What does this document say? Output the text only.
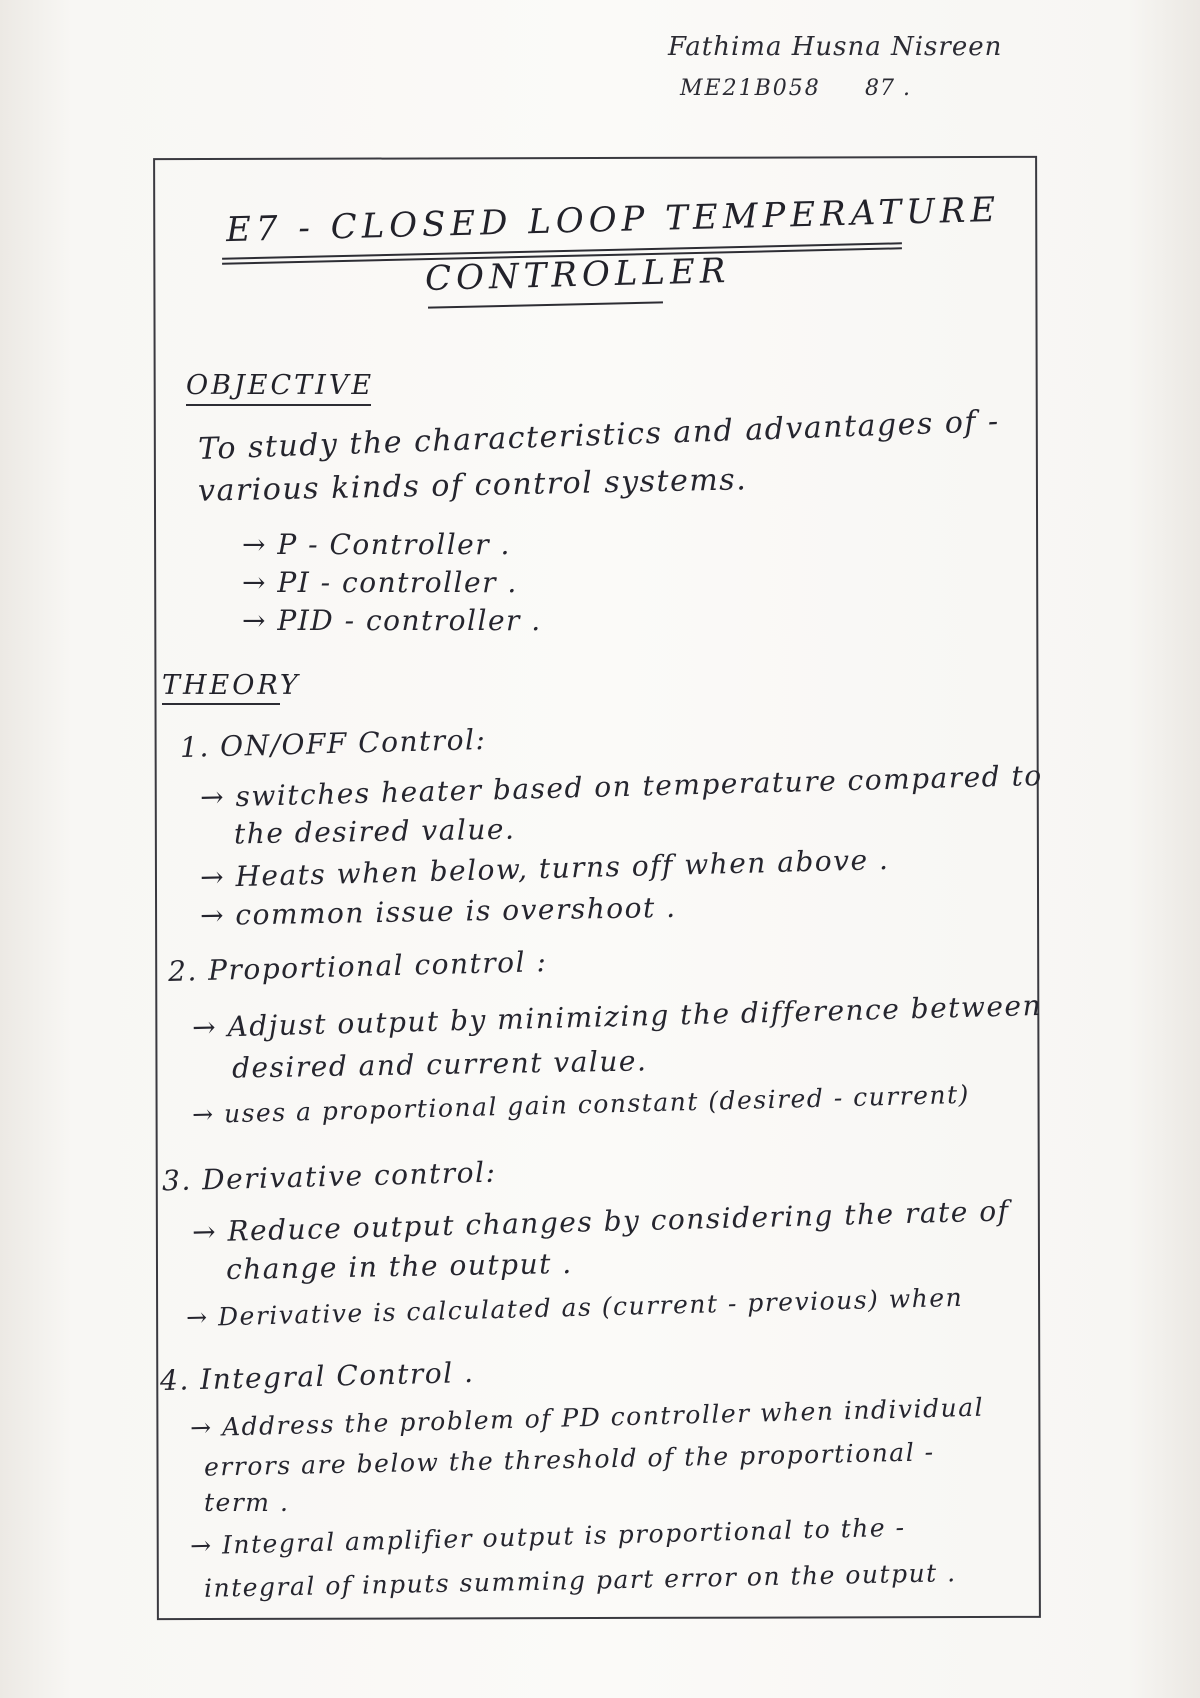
Fathima Husna Nisreen
ME21B058 87 .
E7 - CLOSED LOOP TEMPERATURE
CONTROLLER
OBJECTIVE
To study the characteristics and advantages of -
various kinds of control systems.
→ P - Controller .
→ PI - controller .
→ PID - controller .
THEORY
1. ON/OFF Control:
→ switches heater based on temperature compared to
the desired value.
→ Heats when below, turns off when above .
→ common issue is overshoot .
2. Proportional control :
→ Adjust output by minimizing the difference between
desired and current value.
→ uses a proportional gain constant (desired - current)
3. Derivative control:
→ Reduce output changes by considering the rate of
change in the output .
→ Derivative is calculated as (current - previous) when
4. Integral Control .
→ Address the problem of PD controller when individual
errors are below the threshold of the proportional -
term .
→ Integral amplifier output is proportional to the -
integral of inputs summing part error on the output .
